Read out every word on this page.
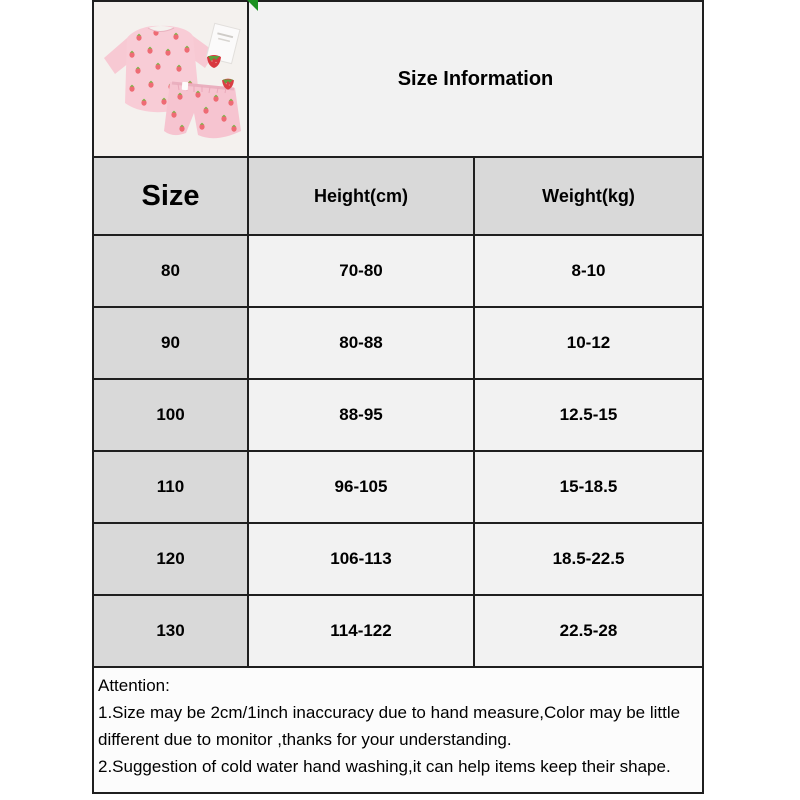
Size Information
Size	Height(cm)	Weight(kg)
80	70-80	8-10
90	80-88	10-12
100	88-95	12.5-15
110	96-105	15-18.5
120	106-113	18.5-22.5
130	114-122	22.5-28

Attention:

1.Size may be 2cm/1inch inaccuracy due to hand measure,Color may be little different due to monitor ,thanks for your understanding.

2.Suggestion of cold water hand washing,it can help items keep their shape.
